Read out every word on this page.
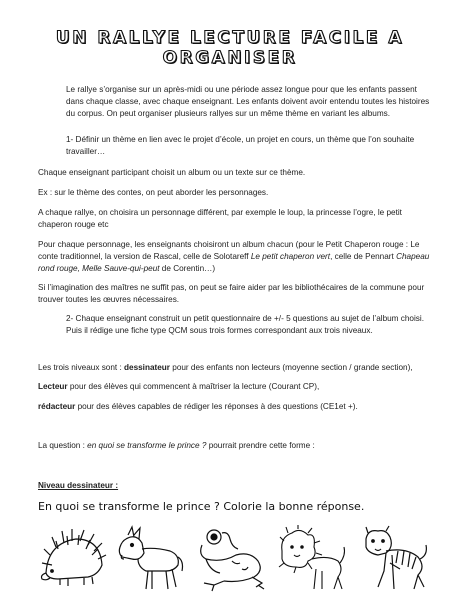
UN RALLYE LECTURE FACILE A ORGANISER

Le rallye s’organise sur un après-midi ou une période assez longue pour que les enfants passent dans chaque classe, avec chaque enseignant. Les enfants doivent avoir entendu toutes les histoires du corpus. On peut organiser plusieurs rallyes sur un même thème en variant les albums.

1- Définir un thème en lien avec le projet d’école, un projet en cours, un thème que l’on souhaite travailler…

Chaque enseignant participant choisit un album ou un texte sur ce thème.

Ex : sur le thème des contes, on peut aborder les personnages.

A chaque rallye, on choisira un personnage différent, par exemple le loup, la princesse l’ogre, le petit chaperon rouge etc

Pour chaque personnage, les enseignants choisiront un album chacun (pour le Petit Chaperon rouge : Le conte traditionnel, la version de Rascal, celle de Solotareff Le petit chaperon vert, celle de Pennart Chapeau rond rouge, Melle Sauve-qui-peut de Corentin…)

Si l’imagination des maîtres ne suffit pas, on peut se faire aider par les bibliothécaires de la commune pour trouver toutes les œuvres nécessaires.

2- Chaque enseignant construit un petit questionnaire de +/- 5 questions au sujet de l’album choisi. Puis il rédige une fiche type QCM sous trois formes correspondant aux trois niveaux.

Les trois niveaux sont : dessinateur pour des enfants non lecteurs (moyenne section / grande section),

Lecteur pour des élèves qui commencent à maîtriser la lecture (Courant CP),

rédacteur pour des élèves capables de rédiger les réponses à des questions (CE1et +).

La question : en quoi se transforme le prince ? pourrait prendre cette forme :

Niveau dessinateur :

En quoi se transforme le prince ? Colorie la bonne réponse.
